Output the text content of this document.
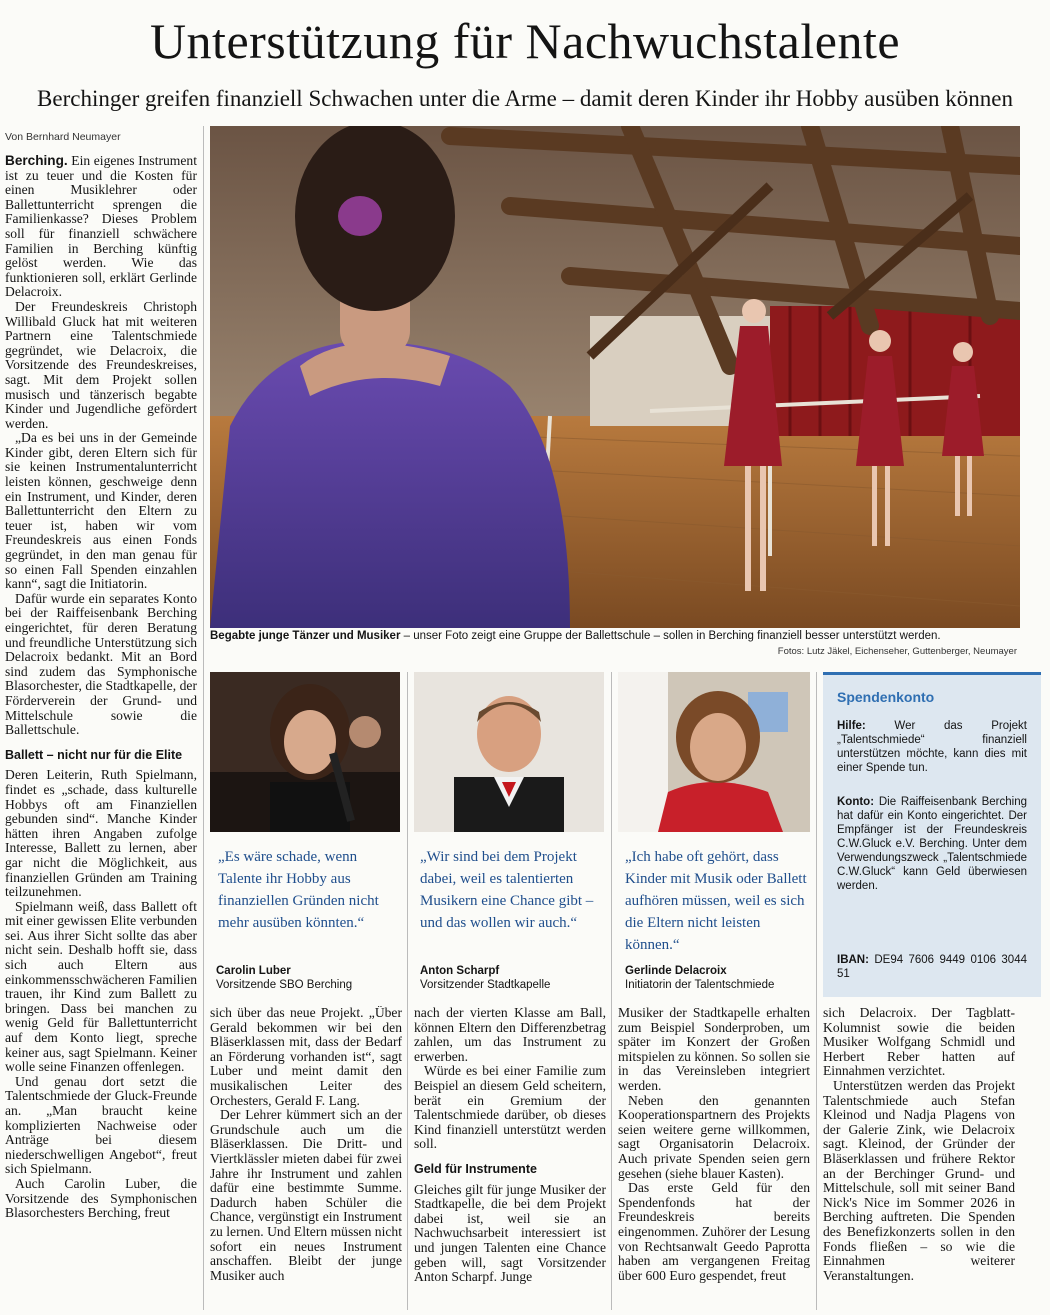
Unterstützung für Nachwuchstalente
Berchinger greifen finanziell Schwachen unter die Arme – damit deren Kinder ihr Hobby ausüben können
Von Bernhard Neumayer

Berching. Ein eigenes Instrument ist zu teuer und die Kosten für einen Musiklehrer oder Ballettunterricht sprengen die Familienkasse? Dieses Problem soll für finanziell schwächere Familien in Berching künftig gelöst werden. Wie das funktionieren soll, erklärt Gerlinde Delacroix.

Der Freundeskreis Christoph Willibald Gluck hat mit weiteren Partnern eine Talentschmiede gegründet, wie Delacroix, die Vorsitzende des Freundeskreises, sagt. Mit dem Projekt sollen musisch und tänzerisch begabte Kinder und Jugendliche gefördert werden.

„Da es bei uns in der Gemeinde Kinder gibt, deren Eltern sich für sie keinen Instrumentalunterricht leisten können, geschweige denn ein Instrument, und Kinder, deren Ballettunterricht den Eltern zu teuer ist, haben wir vom Freundeskreis aus einen Fonds gegründet, in den man genau für so einen Fall Spenden einzahlen kann“, sagt die Initiatorin.

Dafür wurde ein separates Konto bei der Raiffeisenbank Berching eingerichtet, für deren Beratung und freundliche Unterstützung sich Delacroix bedankt. Mit an Bord sind zudem das Symphonische Blasorchester, die Stadtkapelle, der Förderverein der Grund- und Mittelschule sowie die Ballettschule.

Ballett – nicht nur für die Elite

Deren Leiterin, Ruth Spielmann, findet es „schade, dass kulturelle Hobbys oft am Finanziellen gebunden sind“. Manche Kinder hätten ihren Angaben zufolge Interesse, Ballett zu lernen, aber gar nicht die Möglichkeit, aus finanziellen Gründen am Training teilzunehmen.

Spielmann weiß, dass Ballett oft mit einer gewissen Elite verbunden sei. Aus ihrer Sicht sollte das aber nicht sein. Deshalb hofft sie, dass sich auch Eltern aus einkommensschwächeren Familien trauen, ihr Kind zum Ballett zu bringen. Dass bei manchen zu wenig Geld für Ballettunterricht auf dem Konto liegt, spreche keiner aus, sagt Spielmann. Keiner wolle seine Finanzen offenlegen.

Und genau dort setzt die Talentschmiede der Gluck-Freunde an. „Man braucht keine komplizierten Nachweise oder Anträge bei diesem niederschwelligen Angebot“, freut sich Spielmann.

Auch Carolin Luber, die Vorsitzende des Symphonischen Blasorchesters Berching, freut

Begabte junge Tänzer und Musiker – unser Foto zeigt eine Gruppe der Ballettschule – sollen in Berching finanziell besser unterstützt werden.
Fotos: Lutz Jäkel, Eichenseher, Guttenberger, Neumayer
„Es wäre schade, wenn Talente ihr Hobby aus finanziellen Gründen nicht mehr ausüben könnten.“
Carolin Luber
Vorsitzende SBO Berching
„Wir sind bei dem Projekt dabei, weil es talentierten Musikern eine Chance gibt – und das wollen wir auch.“
Anton Scharpf
Vorsitzender Stadtkapelle
„Ich habe oft gehört, dass Kinder mit Musik oder Ballett aufhören müssen, weil es sich die Eltern nicht leisten können.“
Gerlinde Delacroix
Initiatorin der Talentschmiede
Spendenkonto
Hilfe: Wer das Projekt „Talentschmiede“ finanziell unterstützen möchte, kann dies mit einer Spende tun.
Konto: Die Raiffeisenbank Berching hat dafür ein Konto eingerichtet. Der Empfänger ist der Freundeskreis C.W.Gluck e.V. Berching. Unter dem Verwendungszweck „Talentschmiede C.W.Gluck“ kann Geld überwiesen werden.
IBAN: DE94 7606 9449 0106 3044 51

sich über das neue Projekt. „Über Gerald bekommen wir bei den Bläserklassen mit, dass der Bedarf an Förderung vorhanden ist“, sagt Luber und meint damit den musikalischen Leiter des Orchesters, Gerald F. Lang.

Der Lehrer kümmert sich an der Grundschule auch um die Bläserklassen. Die Dritt- und Viertklässler mieten dabei für zwei Jahre ihr Instrument und zahlen dafür eine bestimmte Summe. Dadurch haben Schüler die Chance, vergünstigt ein Instrument zu lernen. Und Eltern müssen nicht sofort ein neues Instrument anschaffen. Bleibt der junge Musiker auch

nach der vierten Klasse am Ball, können Eltern den Differenzbetrag zahlen, um das Instrument zu erwerben.

Würde es bei einer Familie zum Beispiel an diesem Geld scheitern, berät ein Gremium der Talentschmiede darüber, ob dieses Kind finanziell unterstützt werden soll.

Geld für Instrumente

Gleiches gilt für junge Musiker der Stadtkapelle, die bei dem Projekt dabei ist, weil sie an Nachwuchsarbeit interessiert ist und jungen Talenten eine Chance geben will, sagt Vorsitzender Anton Scharpf. Junge

Musiker der Stadtkapelle erhalten zum Beispiel Sonderproben, um später im Konzert der Großen mitspielen zu können. So sollen sie in das Vereinsleben integriert werden.

Neben den genannten Kooperationspartnern des Projekts seien weitere gerne willkommen, sagt Organisatorin Delacroix. Auch private Spenden seien gern gesehen (siehe blauer Kasten).

Das erste Geld für den Spendenfonds hat der Freundeskreis bereits eingenommen. Zuhörer der Lesung von Rechtsanwalt Geedo Paprotta haben am vergangenen Freitag über 600 Euro gespendet, freut

sich Delacroix. Der Tagblatt-Kolumnist sowie die beiden Musiker Wolfgang Schmidl und Herbert Reber hatten auf Einnahmen verzichtet.

Unterstützen werden das Projekt Talentschmiede auch Stefan Kleinod und Nadja Plagens von der Galerie Zink, wie Delacroix sagt. Kleinod, der Gründer der Bläserklassen und frühere Rektor an der Berchinger Grund- und Mittelschule, soll mit seiner Band Nick's Nice im Sommer 2026 in Berching auftreten. Die Spenden des Benefizkonzerts sollen in den Fonds fließen – so wie die Einnahmen weiterer Veranstaltungen.
